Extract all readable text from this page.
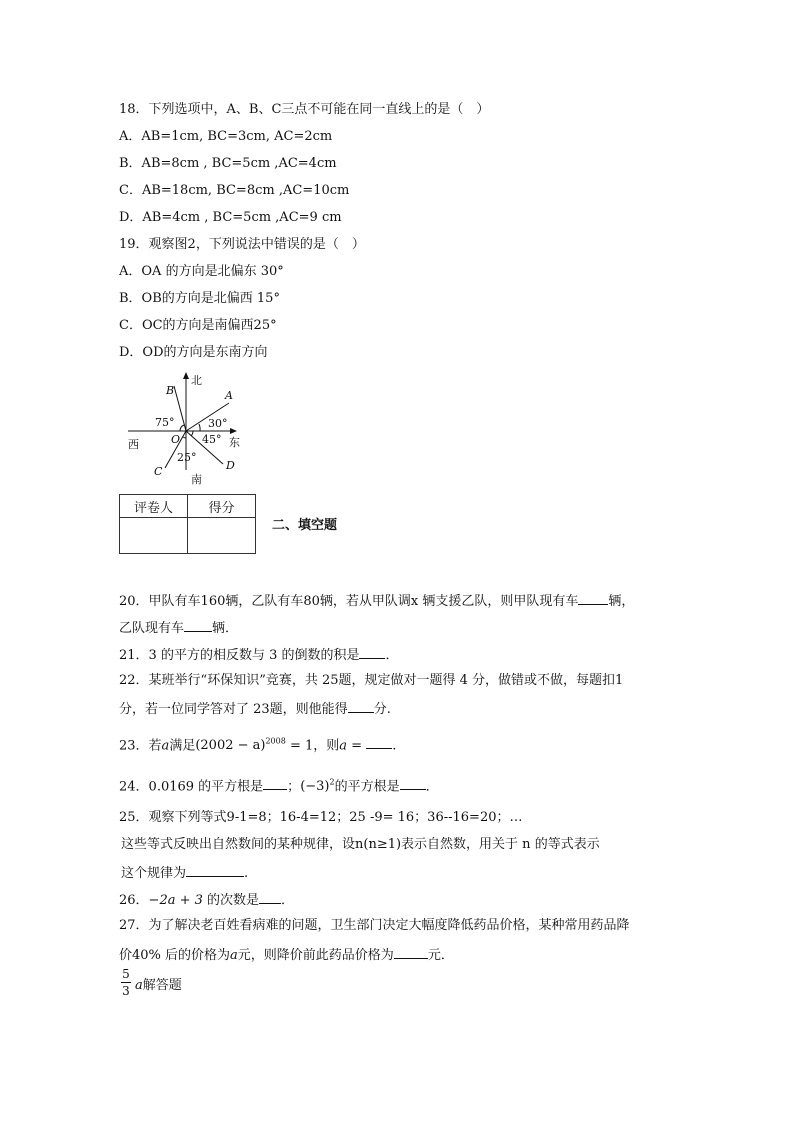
18．下列选项中，A、B、C三点不可能在同一直线上的是（　）
A．AB=1cm, BC=3cm, AC=2cm
B．AB=8cm , BC=5cm ,AC=4cm
C．AB=18cm, BC=8cm ,AC=10cm
D．AB=4cm , BC=5cm ,AC=9 cm
19．观察图2，下列说法中错误的是（　）
A．OA 的方向是北偏东 30°
B．OB的方向是北偏西 15°
C．OC的方向是南偏西25°
D．OD的方向是东南方向
北
南
西	东
B	A
O
C	D
75°	30°
45°
25°
评卷人	得分

二、填空题
20．甲队有车160辆，乙队有车80辆，若从甲队调x 辆支援乙队，则甲队现有车 辆，
乙队现有车 辆．
21．3 的平方的相反数与 3 的倒数的积是 ．
22．某班举行“环保知识”竞赛，共 25题，规定做对一题得 4 分，做错或不做，每题扣1
分，若一位同学答对了 23题，则他能得 分.
23．若a满足$(2002 - a)^{2008} = 1$，则a = .
24．0.0169 的平方根是 ；$(-3)^2$的平方根是 ．
25．观察下列等式9-1=8；16-4=12；25 -9= 16；36--16=20；…
这些等式反映出自然数间的某种规律，设n(n≥1)表示自然数，用关于 n 的等式表示
这个规律为	.
26．−2a + 3 的次数是 ．
27．为了解决老百姓看病难的问题，卫生部门决定大幅度降低药品价格，某种常用药品降
价40% 后的价格为a元，则降价前此药品价格为	元．
5
3 a解答题
